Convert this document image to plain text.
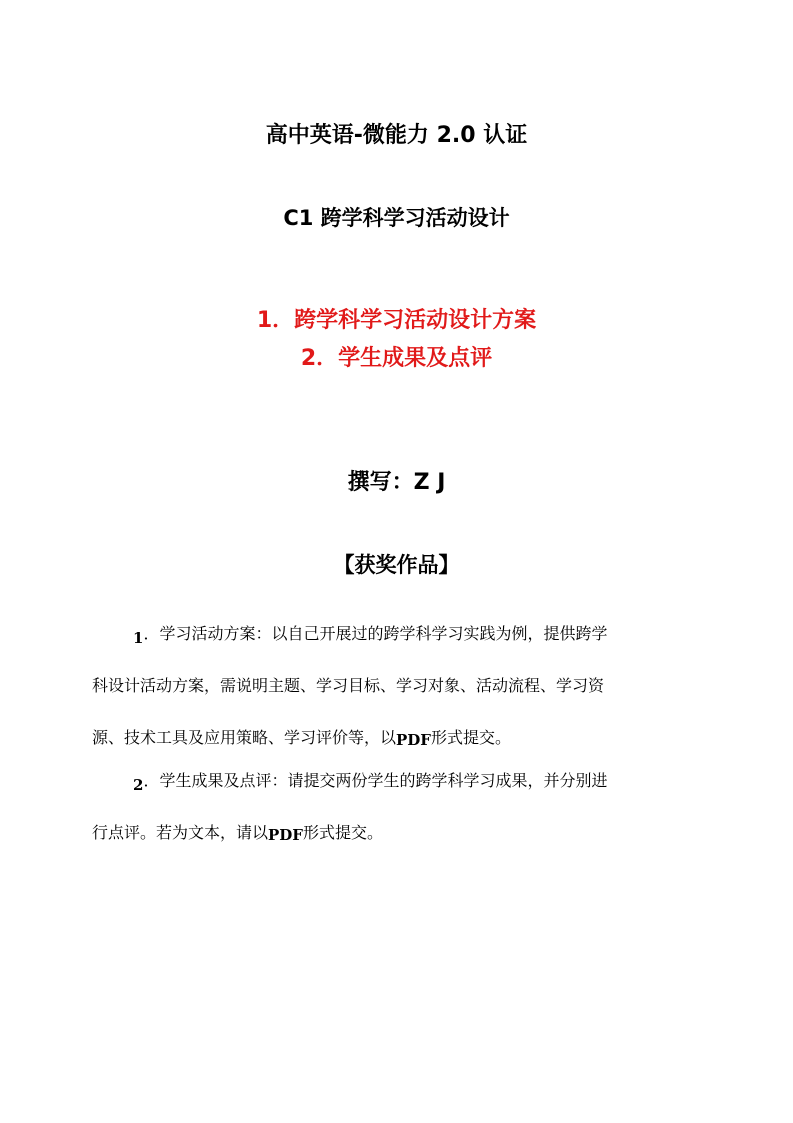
高中英语-微能力 2.0 认证
C1 跨学科学习活动设计
1．跨学科学习活动设计方案
2．学生成果及点评
撰写：Z J
【获奖作品】

1．学习活动方案：以自己开展过的跨学科学习实践为例，提供跨学

科设计活动方案，需说明主题、学习目标、学习对象、活动流程、学习资

源、技术工具及应用策略、学习评价等，以PDF形式提交。

2．学生成果及点评：请提交两份学生的跨学科学习成果，并分别进

行点评。若为文本，请以PDF形式提交。
